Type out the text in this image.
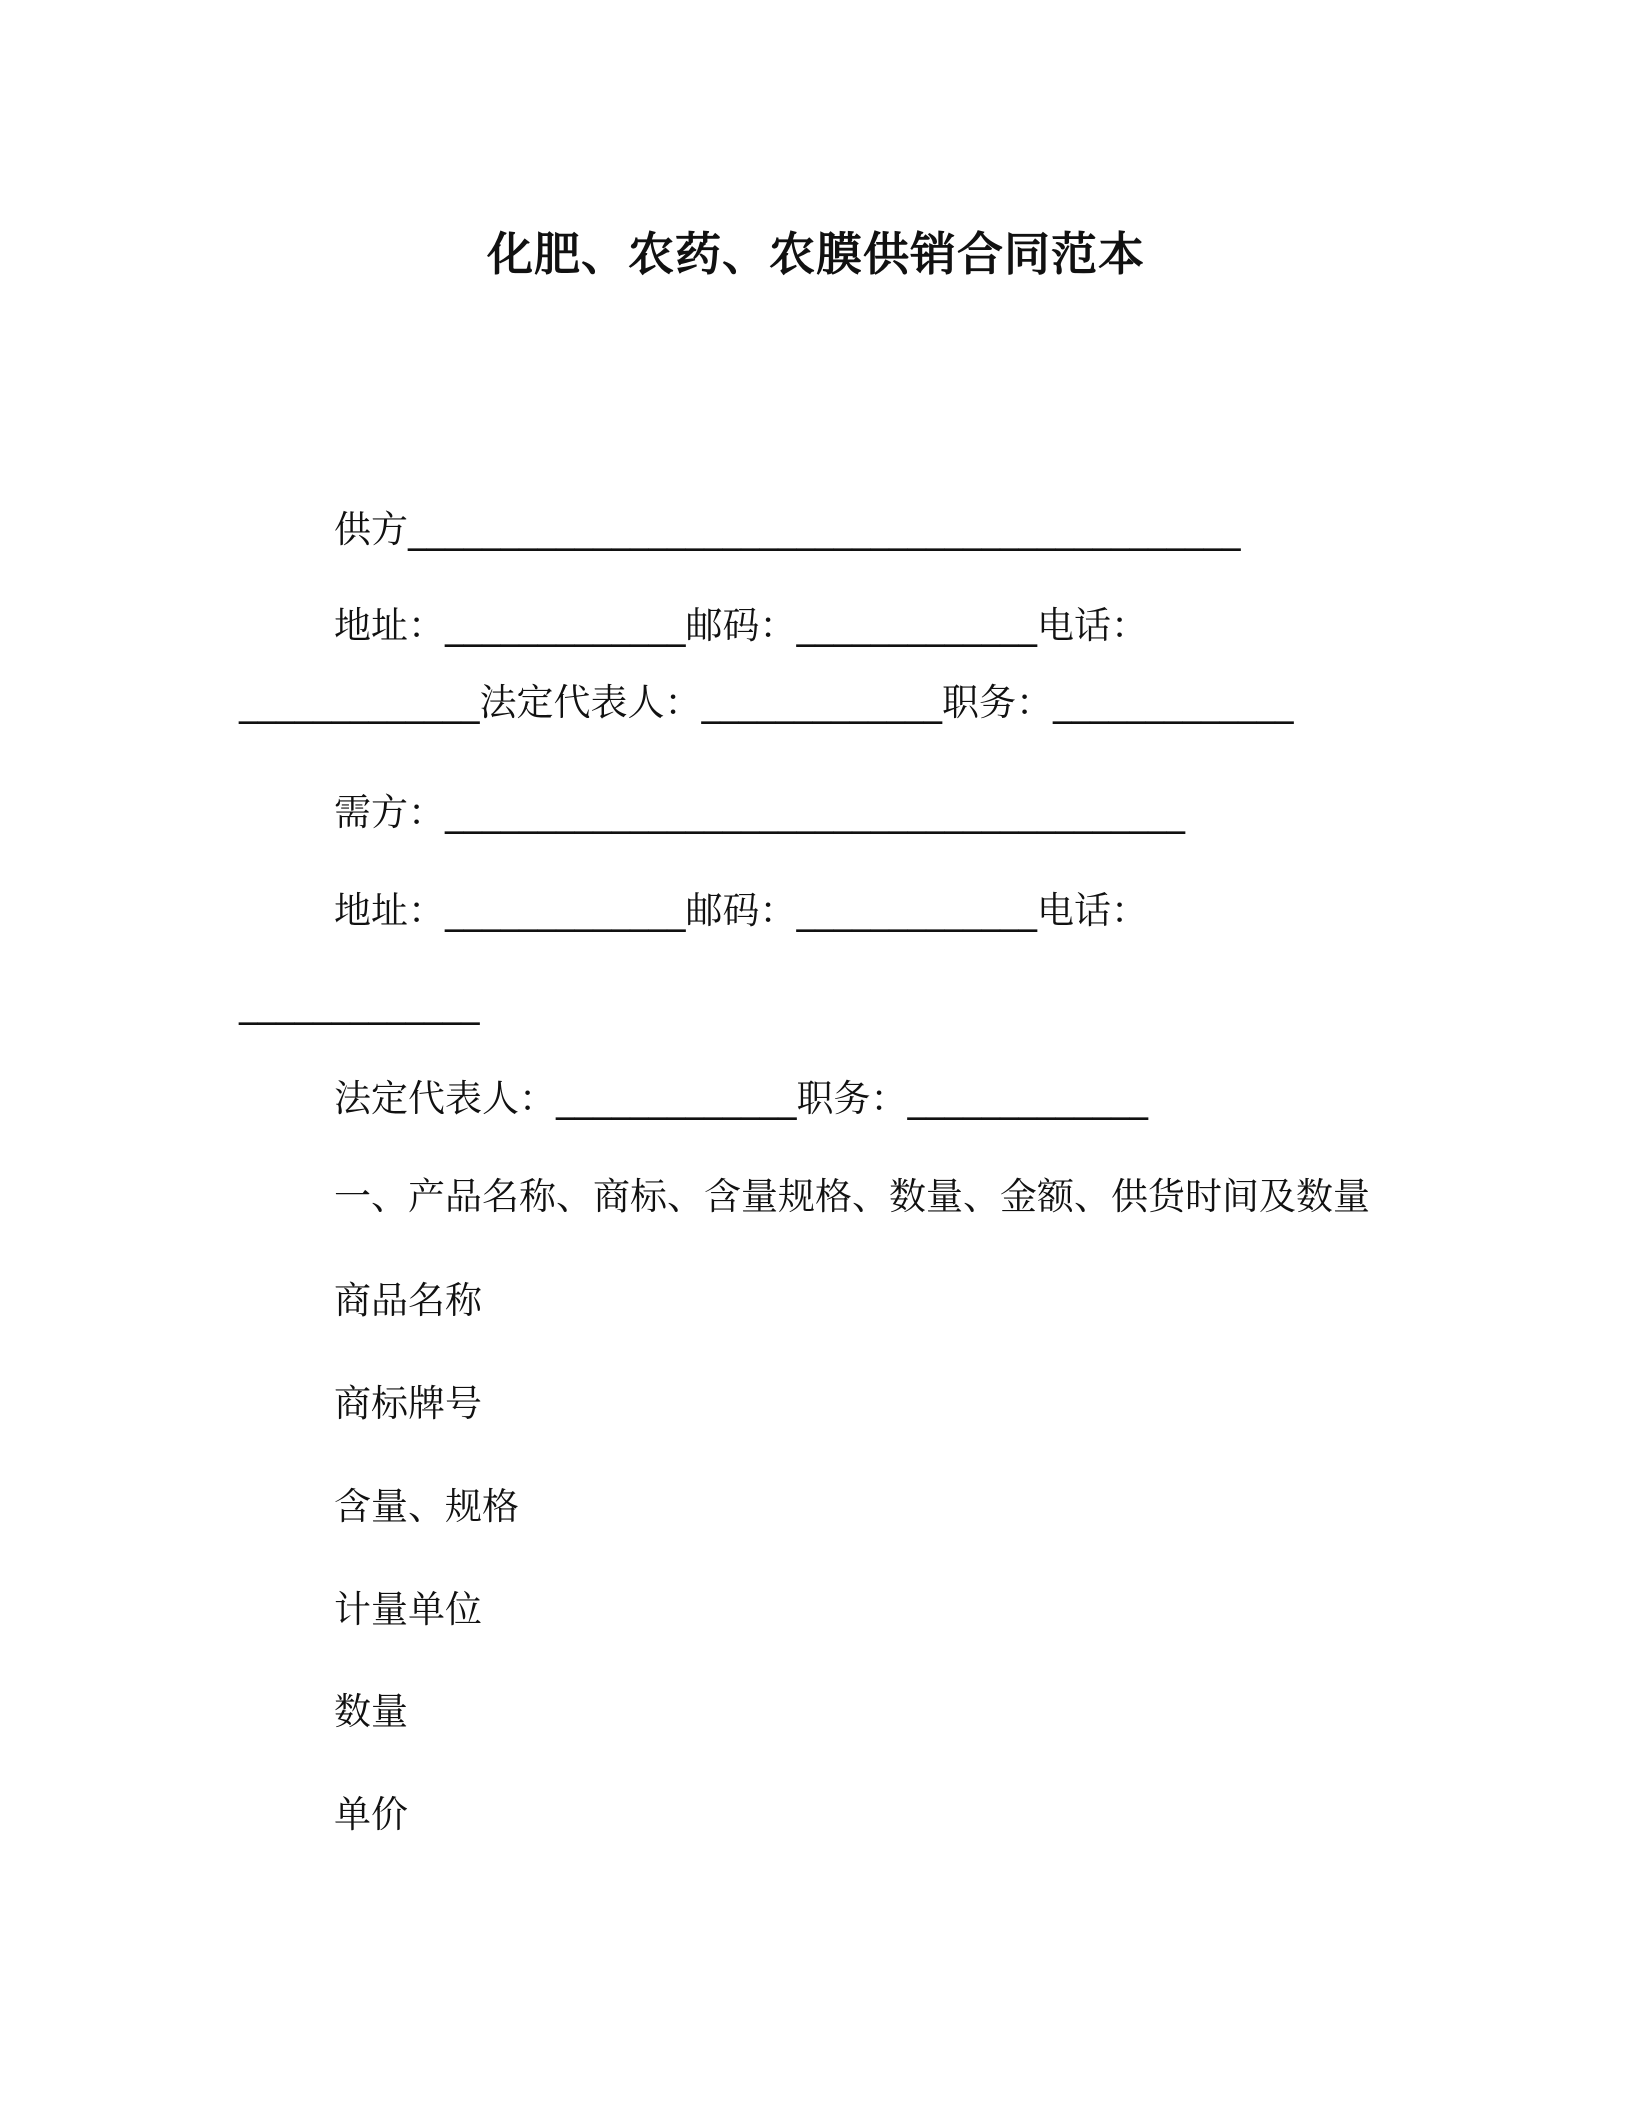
化肥、农药、农膜供销合同范本
供方_____________________________________________
地址：_____________邮码：_____________电话：
_____________法定代表人：_____________职务：_____________
需方：________________________________________
地址：_____________邮码：_____________电话：
_____________
法定代表人：_____________职务：_____________
一、产品名称、商标、含量规格、数量、金额、供货时间及数量
商品名称
商标牌号
含量、规格
计量单位
数量
单价
